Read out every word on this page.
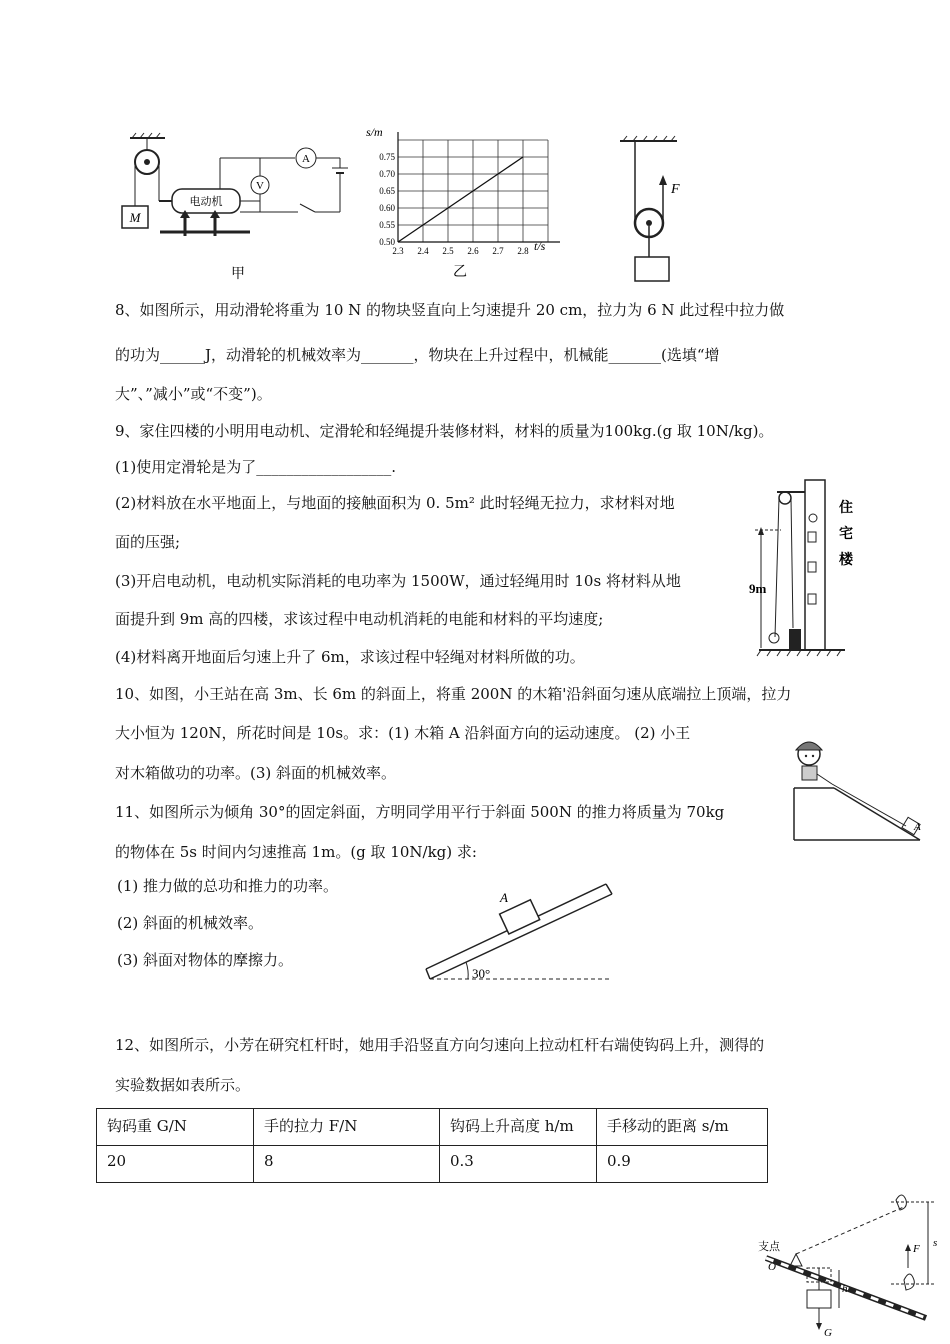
M
电动机
A
V
甲
s/m
t/s
乙
2.3 2.4 2.5 2.6 2.7 2.8
0.50
0.55
0.60
0.65
0.70
0.75
F
8、如图所示，用动滑轮将重为 10 N 的物块竖直向上匀速提升 20 cm，拉力为 6 N 此过程中拉力做
的功为______J，动滑轮的机械效率为_______，物块在上升过程中，机械能_______(选填“增
大”、”减小”或“不变”)。
9、家住四楼的小明用电动机、定滑轮和轻绳提升装修材料，材料的质量为100kg.(g 取 10N/kg)。
(1)使用定滑轮是为了__________________.
(2)材料放在水平地面上，与地面的接触面积为 0. 5m² 此时轻绳无拉力，求材料对地
面的压强;
(3)开启电动机，电动机实际消耗的电功率为 1500W，通过轻绳用时 10s 将材料从地
面提升到 9m 高的四楼，求该过程中电动机消耗的电能和材料的平均速度;
(4)材料离开地面后匀速上升了 6m，求该过程中轻绳对材料所做的功。
9m
住宅楼
10、如图，小王站在高 3m、长 6m 的斜面上，将重 200N 的木箱'沿斜面匀速从底端拉上顶端，拉力
大小恒为 120N，所花时间是 10s。求：(1) 木箱 A 沿斜面方向的运动速度。 (2) 小王
对木箱做功的功率。(3) 斜面的机械效率。
A
11、如图所示为倾角 30°的固定斜面，方明同学用平行于斜面 500N 的推力将质量为 70kg
的物体在 5s 时间内匀速推高 1m。(g 取 10N/kg) 求:
(1) 推力做的总功和推力的功率。
(2) 斜面的机械效率。
(3) 斜面对物体的摩擦力。
30°
A
12、如图所示，小芳在研究杠杆时，她用手沿竖直方向匀速向上拉动杠杆右端使钩码上升，测得的
实验数据如表所示。
钩码重 G/N	手的拉力 F/N	钩码上升高度 h/m	手移动的距离 s/m
20	8	0.3	0.9
支点
O
s
F
h
G
